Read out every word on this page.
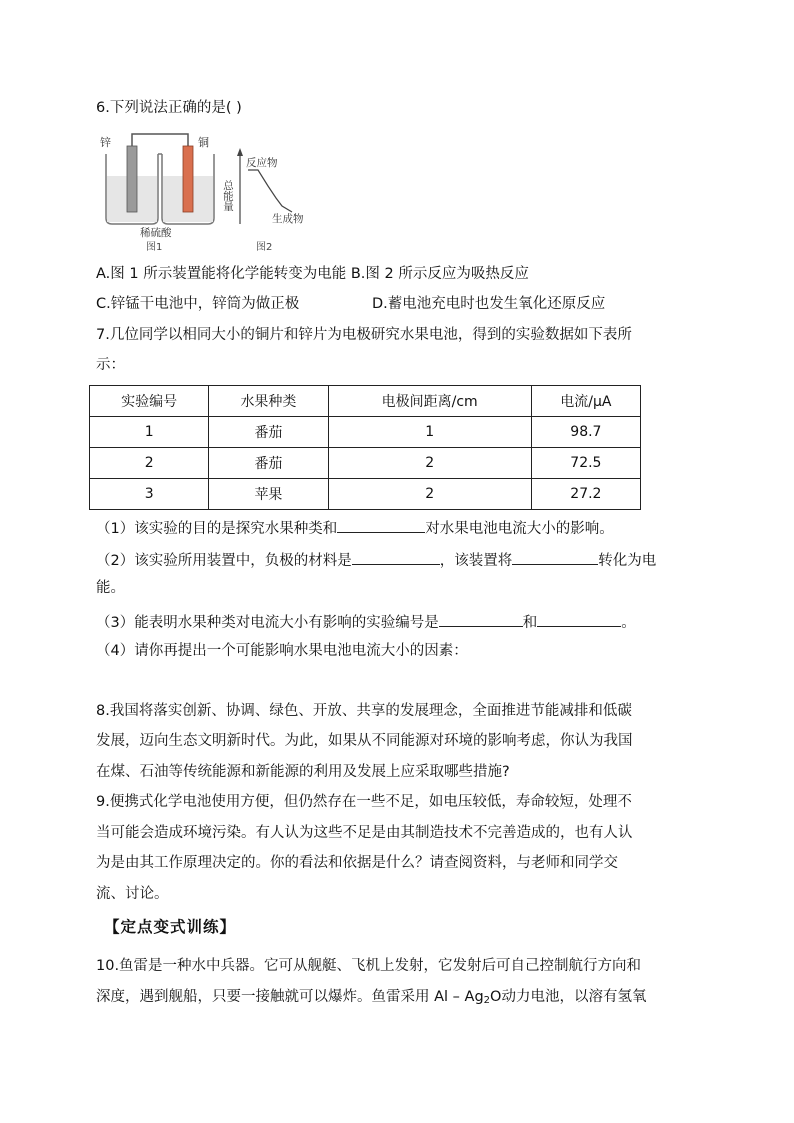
6.下列说法正确的是( )
锌	铜
稀硫酸
图1
总能量
反应物
生成物
图2
A.图 1 所示装置能将化学能转变为电能 B.图 2 所示反应为吸热反应
C.锌锰干电池中，锌筒为做正极	D.蓄电池充电时也发生氧化还原反应
7.几位同学以相同大小的铜片和锌片为电极研究水果电池，得到的实验数据如下表所
示：
实验编号	水果种类	电极间距离/cm	电流/μA
1	番茄	1	98.7
2	番茄	2	72.5
3	苹果	2	27.2
（1）该实验的目的是探究水果种类和	对水果电池电流大小的影响。
（2）该实验所用装置中，负极的材料是	，该装置将	转化为电
能。
（3）能表明水果种类对电流大小有影响的实验编号是	和	。
（4）请你再提出一个可能影响水果电池电流大小的因素：
8.我国将落实创新、协调、绿色、开放、共享的发展理念，全面推进节能减排和低碳
发展，迈向生态文明新时代。为此，如果从不同能源对环境的影响考虑，你认为我国
在煤、石油等传统能源和新能源的利用及发展上应采取哪些措施?
9.便携式化学电池使用方便，但仍然存在一些不足，如电压较低，寿命较短，处理不
当可能会造成环境污染。有人认为这些不足是由其制造技术不完善造成的，也有人认
为是由其工作原理决定的。你的看法和依据是什么？请查阅资料，与老师和同学交
流、讨论。
【定点变式训练】
10.鱼雷是一种水中兵器。它可从舰艇、飞机上发射，它发射后可自己控制航行方向和
深度，遇到舰船，只要一接触就可以爆炸。鱼雷采用 Al – $Ag_2O$动力电池，以溶有氢氧
